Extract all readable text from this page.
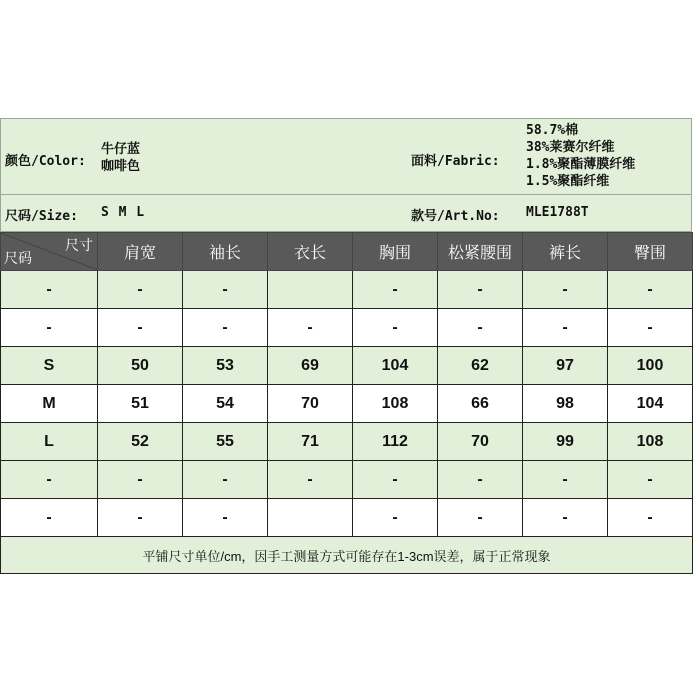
颜色/Color:
牛仔蓝
咖啡色	面料/Fabric:
58.7%棉
38%莱赛尔纤维
1.8%聚酯薄膜纤维
1.5%聚酯纤维
尺码/Size: S M L	款号/Art.No: MLE1788T
尺寸
尺码	肩宽	袖长	衣长	胸围	松紧腰围	裤长	臀围
-	-	-		-	-	-	-
-	-	-	-	-	-	-	-
S	50	53	69	104	62	97	100
M	51	54	70	108	66	98	104
L	52	55	71	112	70	99	108
-	-	-	-	-	-	-	-
-	-	-		-	-	-	-
平铺尺寸单位/cm，因手工测量方式可能存在1-3cm误差，属于正常现象							
